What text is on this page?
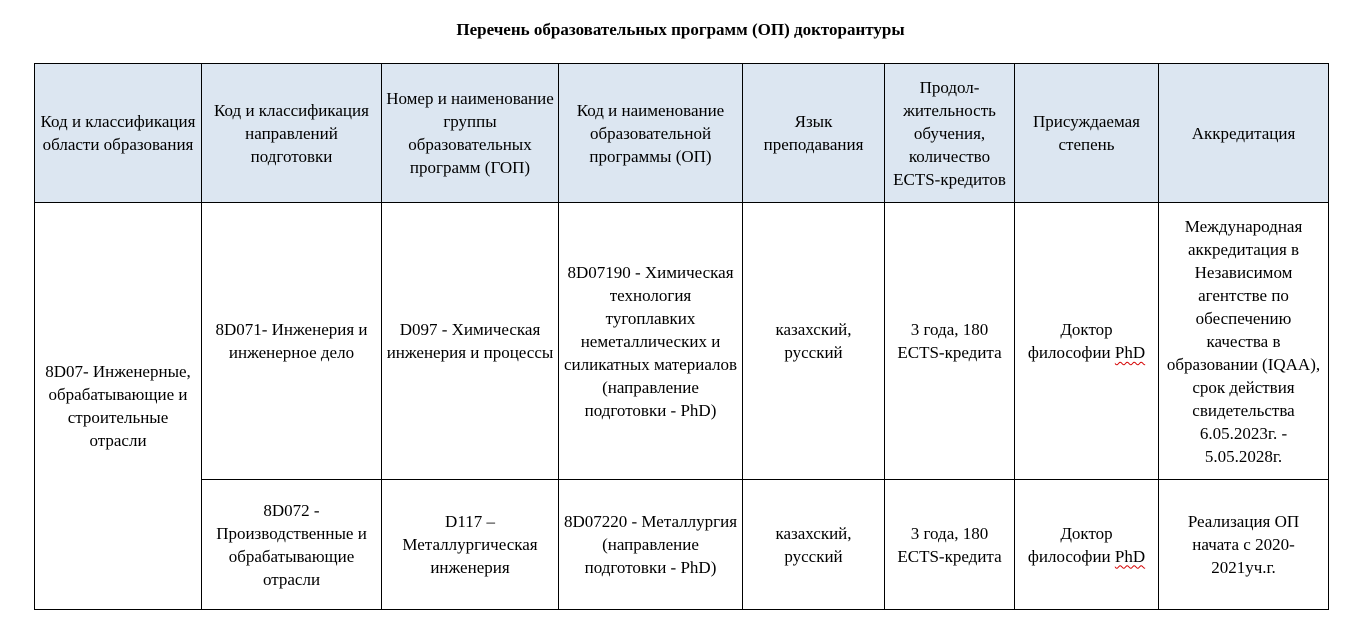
Перечень образовательных программ (ОП) докторантуры
Код и классификация области образования	Код и классификация направлений подготовки	Номер и наименование группы образовательных программ (ГОП)	Код и наименование образовательной программы (ОП)	Язык преподавания	Продол-жительность обучения, количество ECTS-кредитов	Присуждаемая степень	Аккредитация
8D07- Инженерные, обрабатывающие и строительные отрасли	8D071- Инженерия и инженерное дело	D097 - Химическая инженерия и процессы	8D07190 - Химическая технология тугоплавких неметаллических и силикатных материалов (направление подготовки - PhD)	казахский, русский	3 года, 180 ECTS-кредита	Доктор философии PhD	Международная аккредитация в Независимом агентстве по обеспечению качества в образовании (IQAA), срок действия свидетельства 6.05.2023г. - 5.05.2028г.
	8D072 - Производственные и обрабатывающие отрасли	D117 – Металлургическая инженерия	8D07220 - Металлургия (направление подготовки - PhD)	казахский, русский	3 года, 180 ECTS-кредита	Доктор философии PhD	Реализация ОП начата с 2020-2021уч.г.
